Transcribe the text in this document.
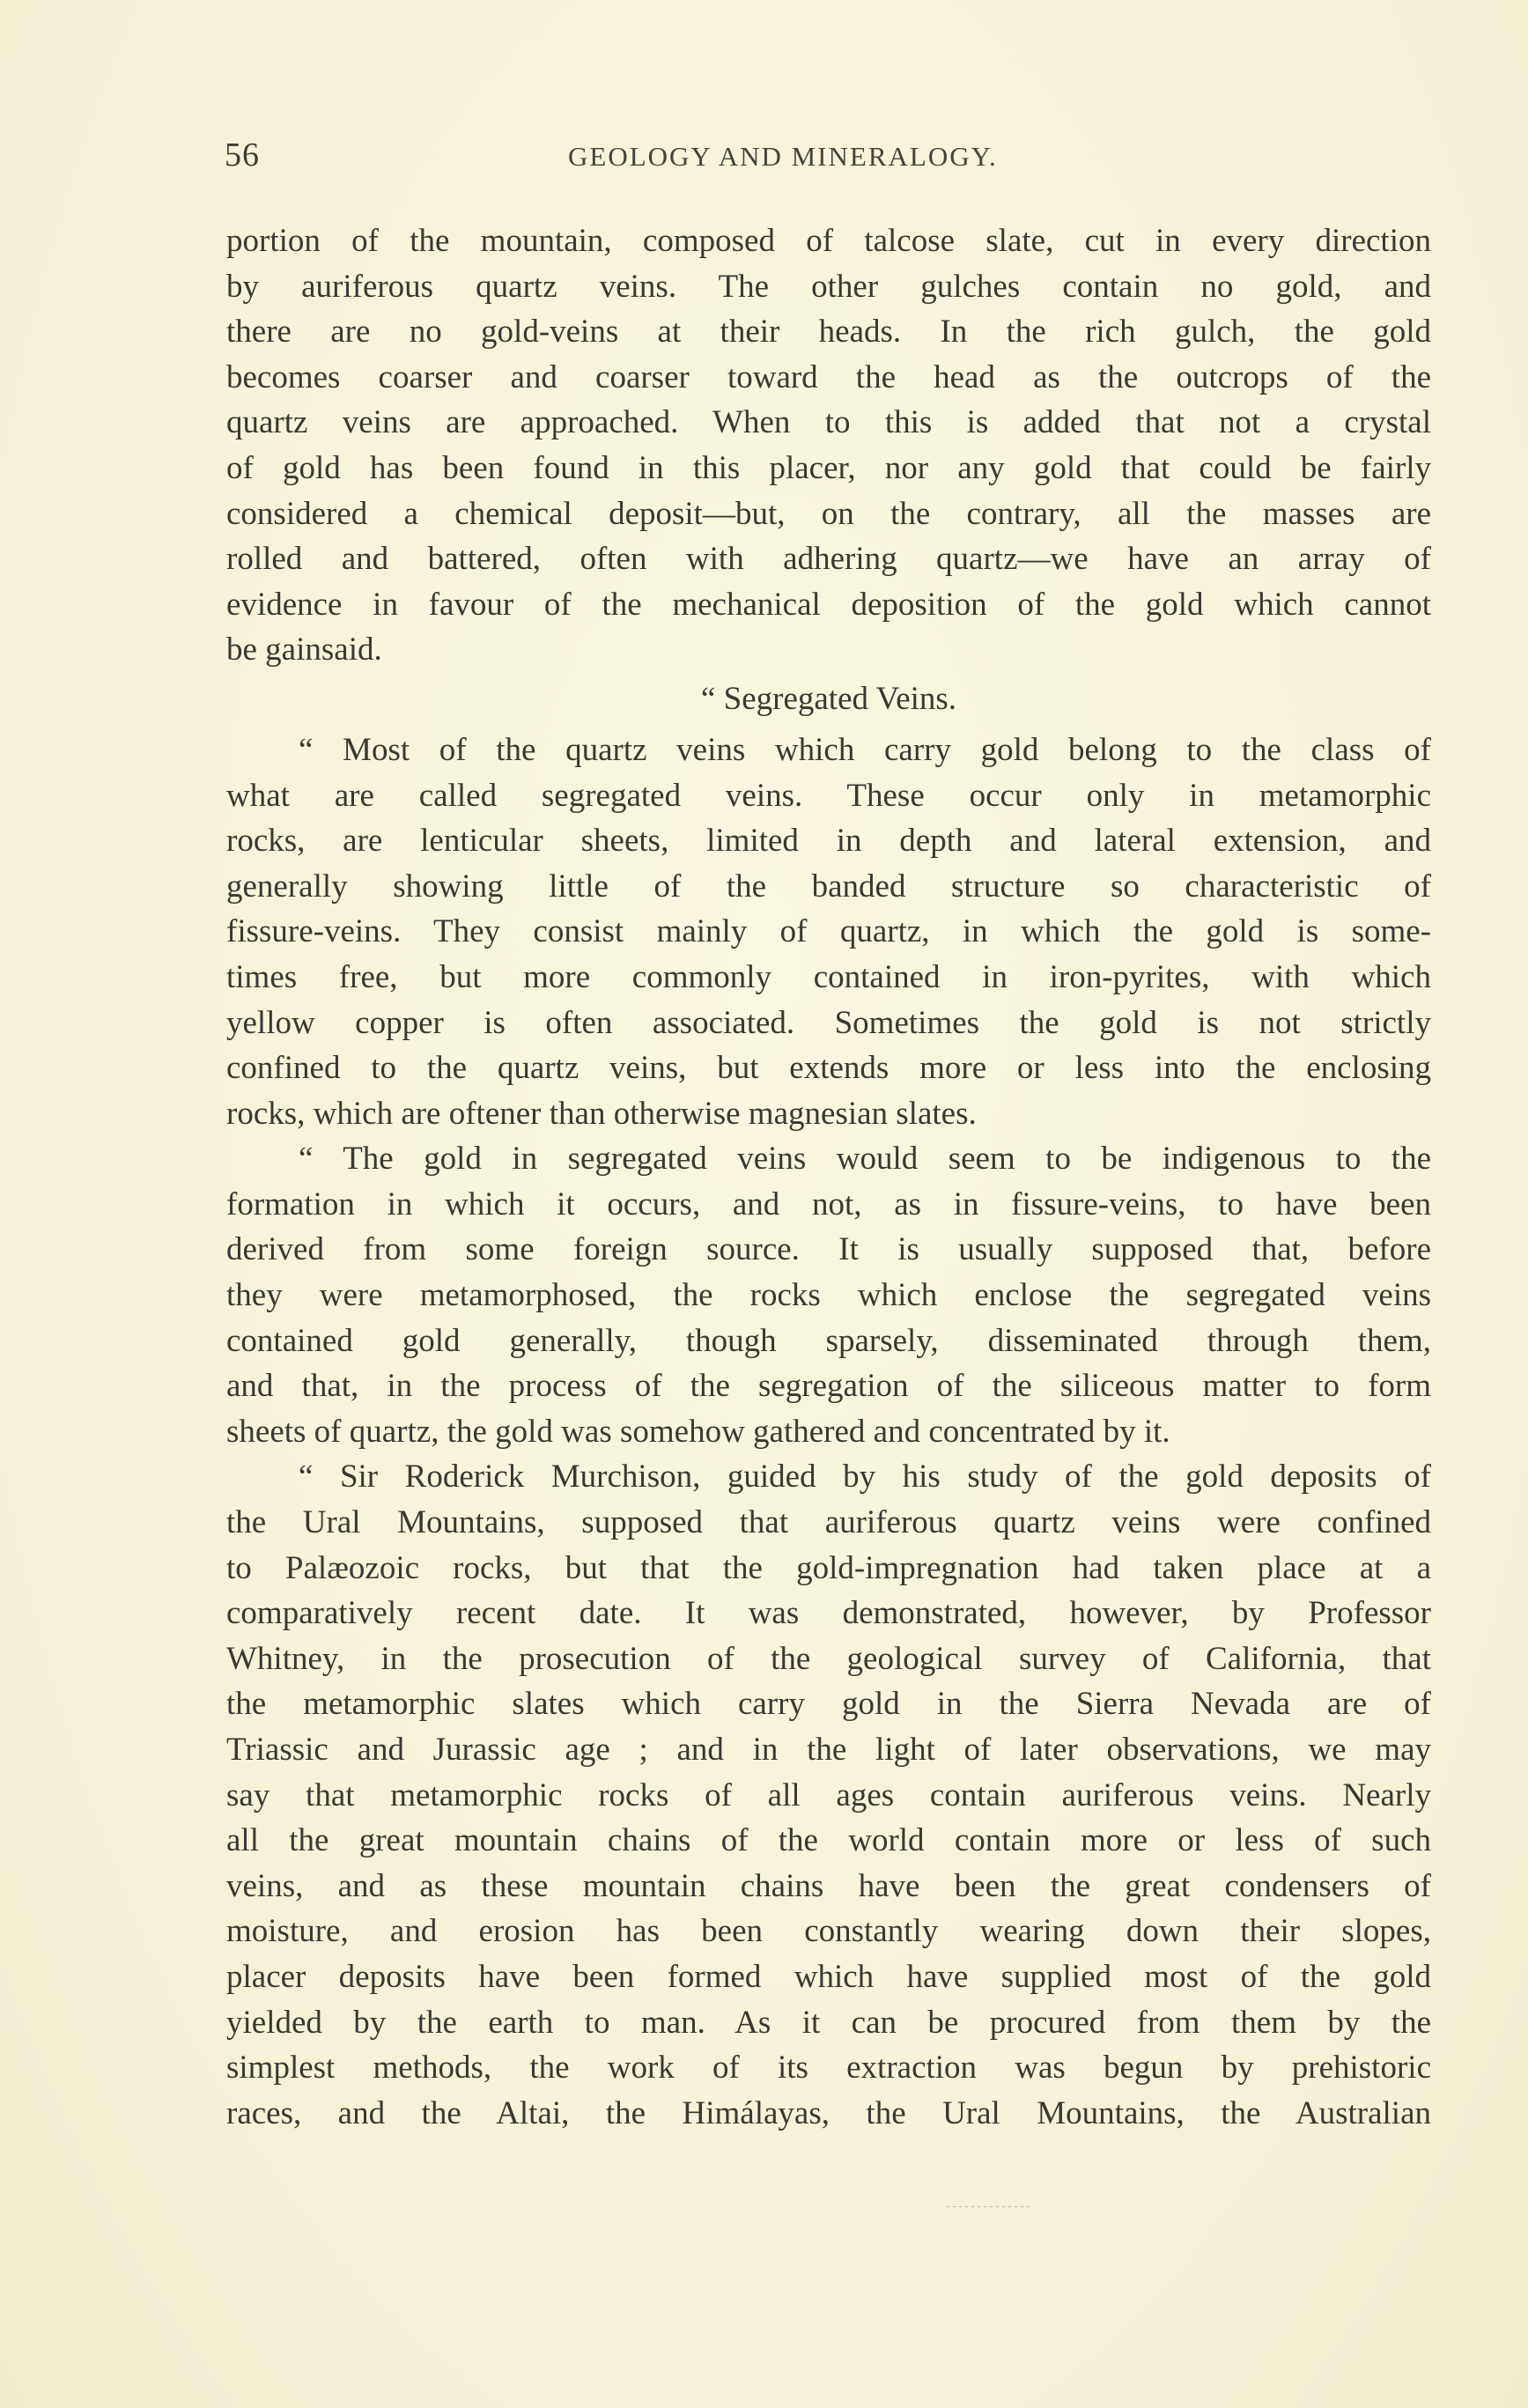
56	GEOLOGY AND MINERALOGY.
portion of the mountain, composed of talcose slate, cut in every direction
by auriferous quartz veins. The other gulches contain no gold, and
there are no gold-veins at their heads. In the rich gulch, the gold
becomes coarser and coarser toward the head as the outcrops of the
quartz veins are approached. When to this is added that not a crystal
of gold has been found in this placer, nor any gold that could be fairly
considered a chemical deposit—but, on the contrary, all the masses are
rolled and battered, often with adhering quartz—we have an array of
evidence in favour of the mechanical deposition of the gold which cannot
be gainsaid.
“ Segregated Veins.
“ Most of the quartz veins which carry gold belong to the class of
what are called segregated veins. These occur only in metamorphic
rocks, are lenticular sheets, limited in depth and lateral extension, and
generally showing little of the banded structure so characteristic of
fissure-veins. They consist mainly of quartz, in which the gold is some-
times free, but more commonly contained in iron-pyrites, with which
yellow copper is often associated. Sometimes the gold is not strictly
confined to the quartz veins, but extends more or less into the enclosing
rocks, which are oftener than otherwise magnesian slates.
“ The gold in segregated veins would seem to be indigenous to the
formation in which it occurs, and not, as in fissure-veins, to have been
derived from some foreign source. It is usually supposed that, before
they were metamorphosed, the rocks which enclose the segregated veins
contained gold generally, though sparsely, disseminated through them,
and that, in the process of the segregation of the siliceous matter to form
sheets of quartz, the gold was somehow gathered and concentrated by it.
“ Sir Roderick Murchison, guided by his study of the gold deposits of
the Ural Mountains, supposed that auriferous quartz veins were confined
to Palæozoic rocks, but that the gold-impregnation had taken place at a
comparatively recent date. It was demonstrated, however, by Professor
Whitney, in the prosecution of the geological survey of California, that
the metamorphic slates which carry gold in the Sierra Nevada are of
Triassic and Jurassic age ; and in the light of later observations, we may
say that metamorphic rocks of all ages contain auriferous veins. Nearly
all the great mountain chains of the world contain more or less of such
veins, and as these mountain chains have been the great condensers of
moisture, and erosion has been constantly wearing down their slopes,
placer deposits have been formed which have supplied most of the gold
yielded by the earth to man. As it can be procured from them by the
simplest methods, the work of its extraction was begun by prehistoric
races, and the Altai, the Himálayas, the Ural Mountains, the Australian
